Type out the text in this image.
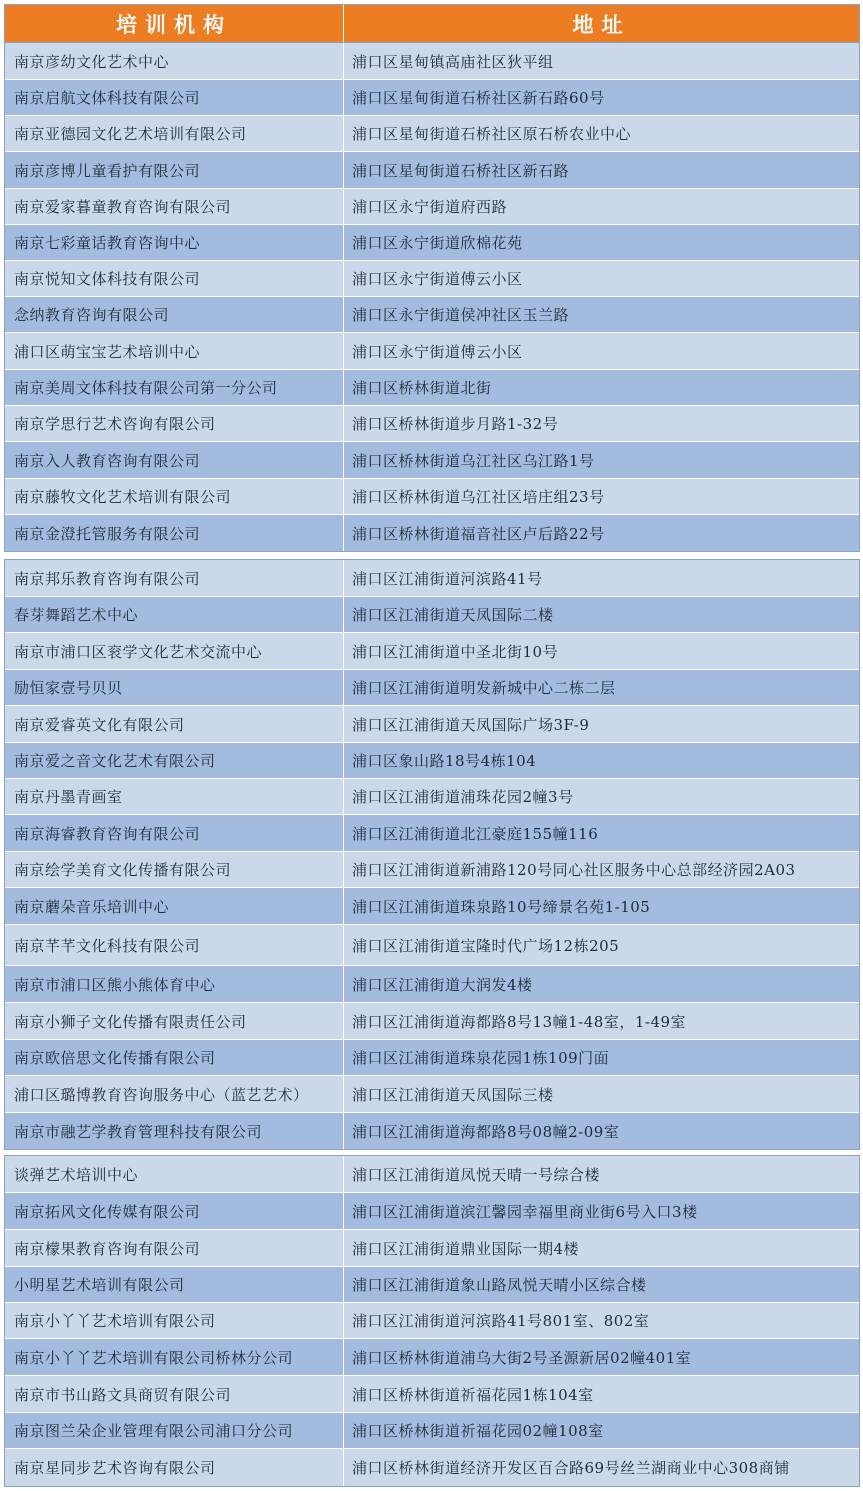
培训机构	地址
南京彦幼文化艺术中心	浦口区星甸镇高庙社区狄平组
南京启航文体科技有限公司	浦口区星甸街道石桥社区新石路60号
南京亚德园文化艺术培训有限公司	浦口区星甸街道石桥社区原石桥农业中心
南京彦博儿童看护有限公司	浦口区星甸街道石桥社区新石路
南京爱家暮童教育咨询有限公司	浦口区永宁街道府西路
南京七彩童话教育咨询中心	浦口区永宁街道欣棉花苑
南京悦知文体科技有限公司	浦口区永宁街道傅云小区
念纳教育咨询有限公司	浦口区永宁街道侯冲社区玉兰路
浦口区萌宝宝艺术培训中心	浦口区永宁街道傅云小区
南京美周文体科技有限公司第一分公司	浦口区桥林街道北街
南京学思行艺术咨询有限公司	浦口区桥林街道步月路1-32号
南京入人教育咨询有限公司	浦口区桥林街道乌江社区乌江路1号
南京藤牧文化艺术培训有限公司	浦口区桥林街道乌江社区培庄组23号
南京金澄托管服务有限公司	浦口区桥林街道福音社区卢后路22号
南京邦乐教育咨询有限公司	浦口区江浦街道河滨路41号
春芽舞蹈艺术中心	浦口区江浦街道天凤国际二楼
南京市浦口区衮学文化艺术交流中心	浦口区江浦街道中圣北街10号
励恒家壹号贝贝	浦口区江浦街道明发新城中心二栋二层
南京爱睿英文化有限公司	浦口区江浦街道天凤国际广场3F-9
南京爱之音文化艺术有限公司	浦口区象山路18号4栋104
南京丹墨青画室	浦口区江浦街道浦珠花园2幢3号
南京海睿教育咨询有限公司	浦口区江浦街道北江豪庭155幢116
南京绘学美育文化传播有限公司	浦口区江浦街道新浦路120号同心社区服务中心总部经济园2A03
南京蘑朵音乐培训中心	浦口区江浦街道珠泉路10号缔景名苑1-105
南京芊芊文化科技有限公司	浦口区江浦街道宝隆时代广场12栋205
南京市浦口区熊小熊体育中心	浦口区江浦街道大润发4楼
南京小狮子文化传播有限责任公司	浦口区江浦街道海都路8号13幢1-48室，1-49室
南京欧倍思文化传播有限公司	浦口区江浦街道珠泉花园1栋109门面
浦口区璐博教育咨询服务中心（蓝艺艺术）	浦口区江浦街道天凤国际三楼
南京市融艺学教育管理科技有限公司	浦口区江浦街道海都路8号08幢2-09室
谈弹艺术培训中心	浦口区江浦街道凤悦天晴一号综合楼
南京拓风文化传媒有限公司	浦口区江浦街道滨江馨园幸福里商业街6号入口3楼
南京檬果教育咨询有限公司	浦口区江浦街道鼎业国际一期4楼
小明星艺术培训有限公司	浦口区江浦街道象山路凤悦天晴小区综合楼
南京小丫丫艺术培训有限公司	浦口区江浦街道河滨路41号801室、802室
南京小丫丫艺术培训有限公司桥林分公司	浦口区桥林街道浦乌大街2号圣源新居02幢401室
南京市书山路文具商贸有限公司	浦口区桥林街道祈福花园1栋104室
南京图兰朵企业管理有限公司浦口分公司	浦口区桥林街道祈福花园02幢108室
南京星同步艺术咨询有限公司	浦口区桥林街道经济开发区百合路69号丝兰湖商业中心308商铺
